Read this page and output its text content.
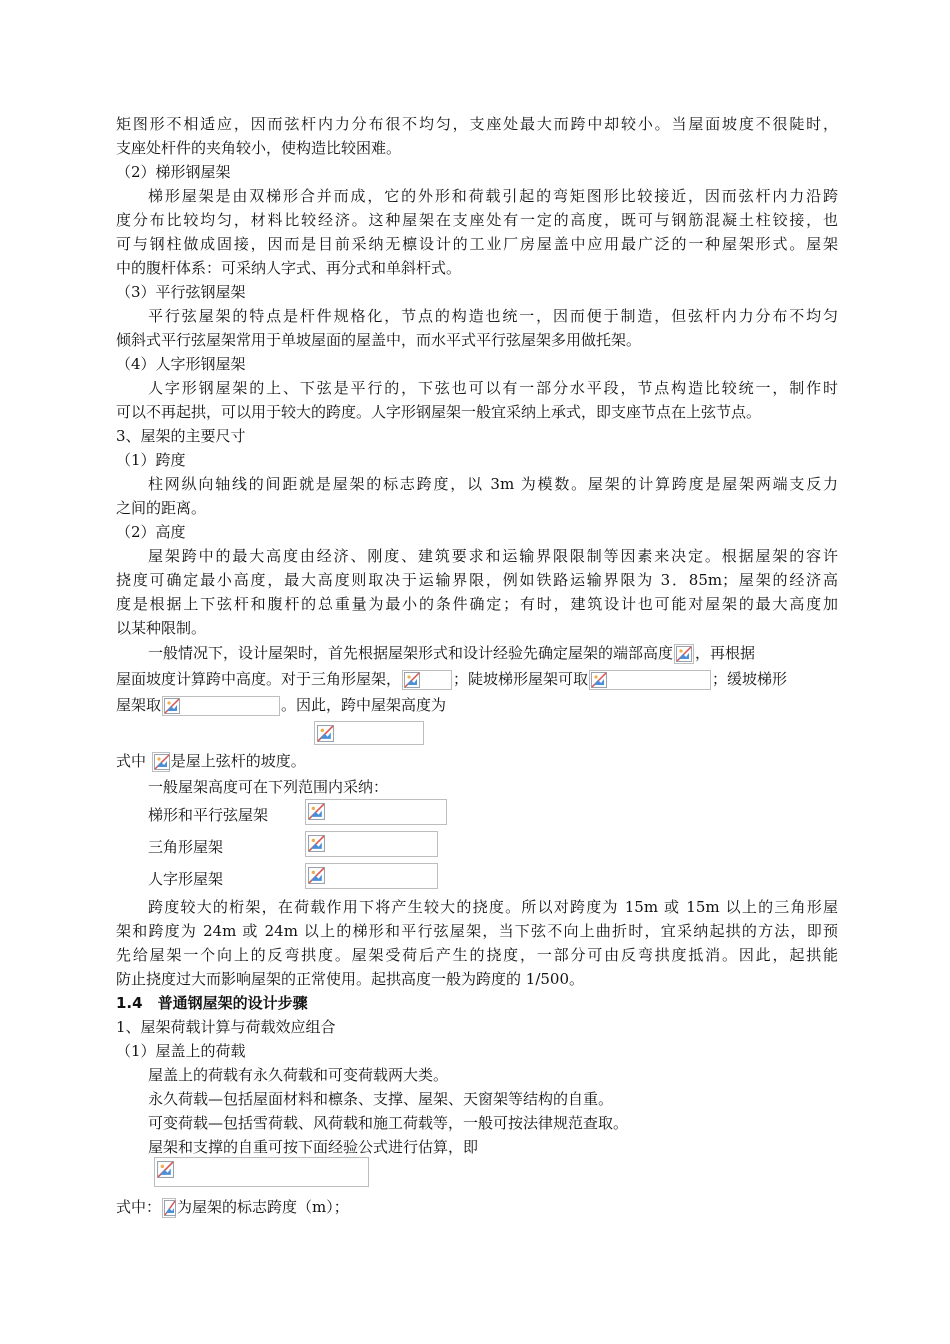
矩图形不相适应，因而弦杆内力分布很不均匀，支座处最大而跨中却较小。当屋面坡度不很陡时，
支座处杆件的夹角较小，使构造比较困难。
（2）梯形钢屋架
梯形屋架是由双梯形合并而成，它的外形和荷载引起的弯矩图形比较接近，因而弦杆内力沿跨
度分布比较均匀，材料比较经济。这种屋架在支座处有一定的高度，既可与钢筋混凝土柱铰接，也
可与钢柱做成固接，因而是目前采纳无檩设计的工业厂房屋盖中应用最广泛的一种屋架形式。屋架
中的腹杆体系：可采纳人字式、再分式和单斜杆式。
（3）平行弦钢屋架
平行弦屋架的特点是杆件规格化，节点的构造也统一，因而便于制造，但弦杆内力分布不均匀
倾斜式平行弦屋架常用于单坡屋面的屋盖中，而水平式平行弦屋架多用做托架。
（4）人字形钢屋架
人字形钢屋架的上、下弦是平行的，下弦也可以有一部分水平段，节点构造比较统一，制作时
可以不再起拱，可以用于较大的跨度。人字形钢屋架一般宜采纳上承式，即支座节点在上弦节点。
3、屋架的主要尺寸
（1）跨度
柱网纵向轴线的间距就是屋架的标志跨度，以 3m 为模数。屋架的计算跨度是屋架两端支反力
之间的距离。
（2）高度
屋架跨中的最大高度由经济、刚度、建筑要求和运输界限限制等因素来决定。根据屋架的容许
挠度可确定最小高度，最大高度则取决于运输界限，例如铁路运输界限为 3．85m；屋架的经济高
度是根据上下弦杆和腹杆的总重量为最小的条件确定；有时，建筑设计也可能对屋架的最大高度加
以某种限制。
一般情况下，设计屋架时，首先根据屋架形式和设计经验先确定屋架的端部高度 ，再根据
屋面坡度计算跨中高度。对于三角形屋架，	；陡坡梯形屋架可取	；缓坡梯形
屋架取	。因此，跨中屋架高度为
式中 是屋上弦杆的坡度。
一般屋架高度可在下列范围内采纳：
梯形和平行弦屋架
三角形屋架
人字形屋架
跨度较大的桁架，在荷载作用下将产生较大的挠度。所以对跨度为 15m 或 15m 以上的三角形屋
架和跨度为 24m 或 24m 以上的梯形和平行弦屋架，当下弦不向上曲折时，宜采纳起拱的方法，即预
先给屋架一个向上的反弯拱度。屋架受荷后产生的挠度，一部分可由反弯拱度抵消。因此，起拱能
防止挠度过大而影响屋架的正常使用。起拱高度一般为跨度的 1/500。
1.4　普通钢屋架的设计步骤
1、屋架荷载计算与荷载效应组合
（1）屋盖上的荷载
屋盖上的荷载有永久荷载和可变荷载两大类。
永久荷载—包括屋面材料和檩条、支撑、屋架、天窗架等结构的自重。
可变荷载—包括雪荷载、风荷载和施工荷载等，一般可按法律规范查取。
屋架和支撑的自重可按下面经验公式进行估算，即
式中： 为屋架的标志跨度（m）；
